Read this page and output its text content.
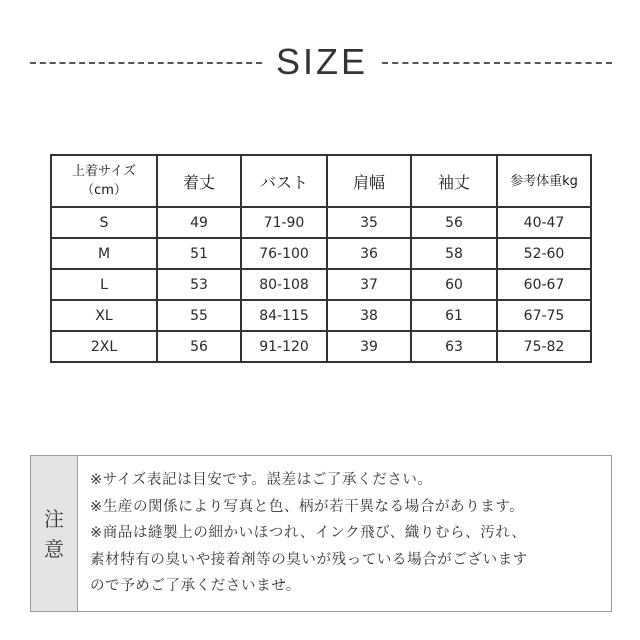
SIZE
上着サイズ
（cm）	着丈	バスト	肩幅	袖丈	参考体重kg
S	49	71-90	35	56	40-47
M	51	76-100	36	58	52-60
L	53	80-108	37	60	60-67
XL	55	84-115	38	61	67-75
2XL	56	91-120	39	63	75-82
注
意
※サイズ表記は目安です。誤差はご了承ください。
※生産の関係により写真と色、柄が若干異なる場合があります。
※商品は縫製上の細かいほつれ、インク飛び、織りむら、汚れ、
素材特有の臭いや接着剤等の臭いが残っている場合がございます
ので予めご了承くださいませ。
